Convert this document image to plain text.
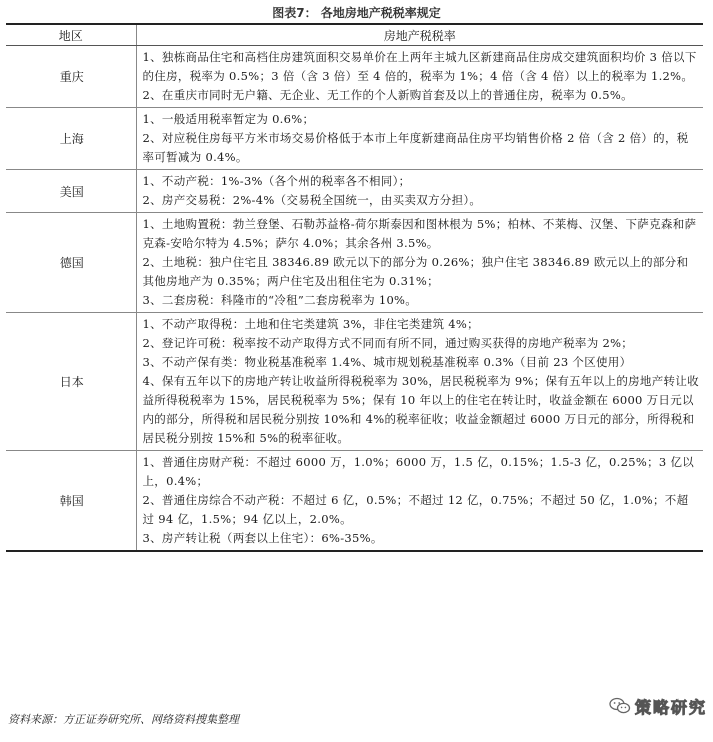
图表7： 各地房地产税税率规定
地区	房地产税税率
重庆	1、独栋商品住宅和高档住房建筑面积交易单价在上两年主城九区新建商品住房成交建筑面积均价 3 倍以下的住房，税率为 0.5%；3 倍（含 3 倍）至 4 倍的，税率为 1%；4 倍（含 4 倍）以上的税率为 1.2%。
2、在重庆市同时无户籍、无企业、无工作的个人新购首套及以上的普通住房，税率为 0.5%。

上海	1、一般适用税率暂定为 0.6%；
2、对应税住房每平方米市场交易价格低于本市上年度新建商品住房平均销售价格 2 倍（含 2 倍）的，税率可暂减为 0.4%。

美国	1、不动产税：1%-3%（各个州的税率各不相同）；
2、房产交易税：2%-4%（交易税全国统一，由买卖双方分担）。

德国	1、土地购置税：勃兰登堡、石勒苏益格-荷尔斯泰因和图林根为 5%；柏林、不莱梅、汉堡、下萨克森和萨克森-安哈尔特为 4.5%；萨尔 4.0%；其余各州 3.5%。
2、土地税：独户住宅且 38346.89 欧元以下的部分为 0.26%；独户住宅 38346.89 欧元以上的部分和其他房地产为 0.35%；两户住宅及出租住宅为 0.31%；
3、二套房税：科隆市的“冷租”二套房税率为 10%。

日本	1、不动产取得税：土地和住宅类建筑 3%，非住宅类建筑 4%；
2、登记许可税：税率按不动产取得方式不同而有所不同，通过购买获得的房地产税率为 2%；
3、不动产保有类：物业税基准税率 1.4%、城市规划税基准税率 0.3%（目前 23 个区使用）
4、保有五年以下的房地产转让收益所得税税率为 30%，居民税税率为 9%；保有五年以上的房地产转让收益所得税税率为 15%，居民税税率为 5%；保有 10 年以上的住宅在转让时，收益金额在 6000 万日元以内的部分，所得税和居民税分别按 10%和 4%的税率征收；收益金额超过 6000 万日元的部分，所得税和居民税分别按 15%和 5%的税率征收。

韩国	1、普通住房财产税：不超过 6000 万，1.0%；6000 万，1.5 亿，0.15%；1.5-3 亿，0.25%；3 亿以上，0.4%；
2、普通住房综合不动产税：不超过 6 亿，0.5%；不超过 12 亿，0.75%；不超过 50 亿，1.0%；不超过 94 亿，1.5%；94 亿以上，2.0%。
3、房产转让税（两套以上住宅）：6%-35%。
资料来源：方正证券研究所、网络资料搜集整理
策略研究
